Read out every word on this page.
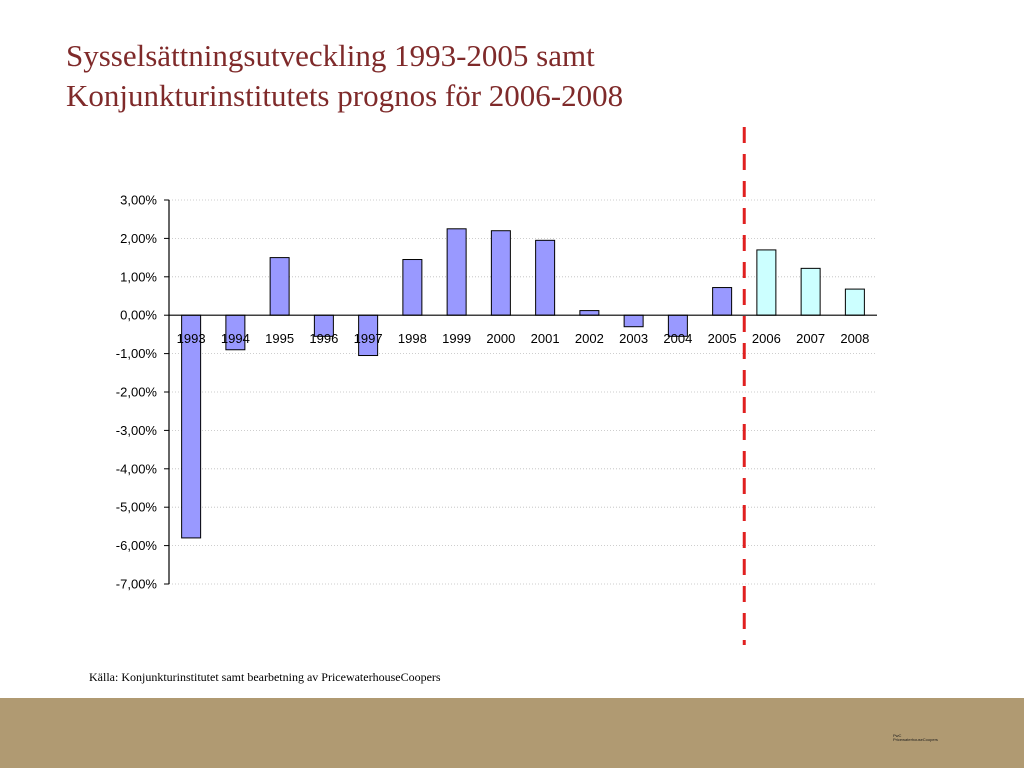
Sysselsättningsutveckling 1993-2005 samt
Konjunkturinstitutets prognos för 2006-2008
3,00%
2,00%
1,00%
0,00%
-1,00%
-2,00%
-3,00%
-4,00%
-5,00%
-6,00%
-7,00%
1993 1994 1995 1996 1997 1998 1999 2000 2001 2002 2003 2004 2005 2006 2007 2008
Källa: Konjunkturinstitutet samt bearbetning av PricewaterhouseCoopers
PwC
PricewaterhouseCoopers
